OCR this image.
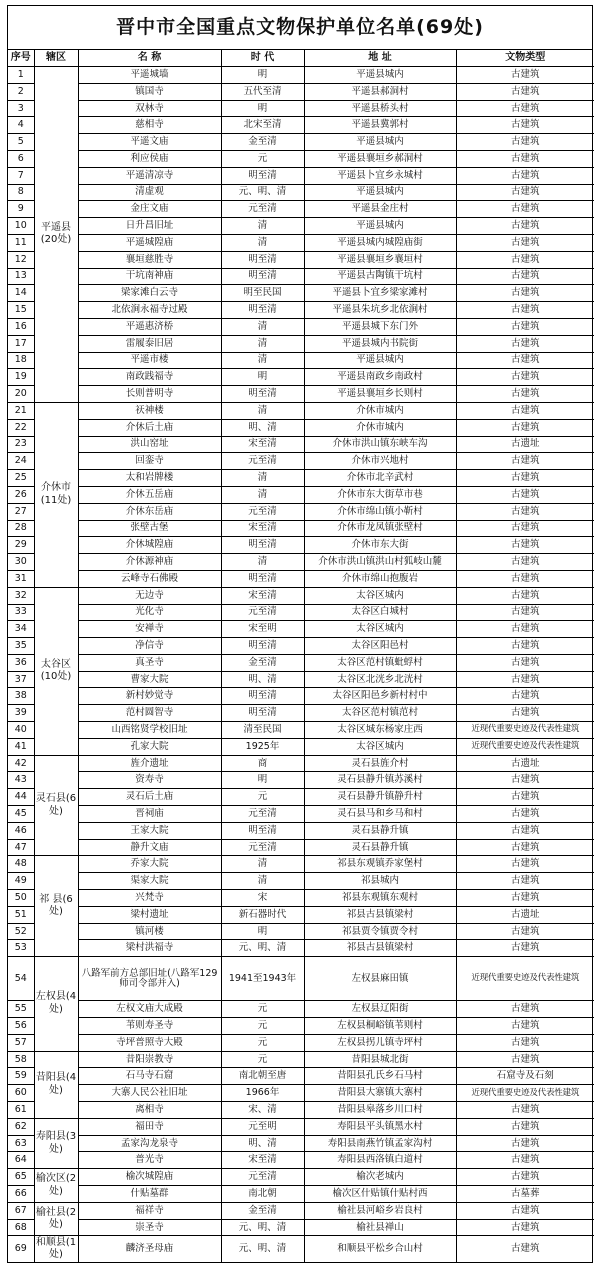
晋中市全国重点文物保护单位名单(69处)
序号	辖区	名 称	时 代	地 址	文物类型
1	平遥县(20处)	平遥城墙	明	平遥县城内	古建筑
2		镇国寺	五代至清	平遥县郝洞村	古建筑
3		双林寺	明	平遥县桥头村	古建筑
4		慈相寺	北宋至清	平遥县冀郭村	古建筑
5		平遥文庙	金至清	平遥县城内	古建筑
6		利应侯庙	元	平遥县襄垣乡郝洞村	古建筑
7		平遥清凉寺	明至清	平遥县卜宜乡永城村	古建筑
8		清虚观	元、明、清	平遥县城内	古建筑
9		金庄文庙	元至清	平遥县金庄村	古建筑
10		日升昌旧址	清	平遥县城内	古建筑
11		平遥城隍庙	清	平遥县城内城隍庙街	古建筑
12		襄垣慈胜寺	明至清	平遥县襄垣乡襄垣村	古建筑
13		干坑南神庙	明至清	平遥县古陶镇干坑村	古建筑
14		梁家滩白云寺	明至民国	平遥县卜宜乡梁家滩村	古建筑
15		北依涧永福寺过殿	明至清	平遥县朱坑乡北依涧村	古建筑
16		平遥惠济桥	清	平遥县城下东门外	古建筑
17		雷履泰旧居	清	平遥县城内书院街	古建筑
18		平遥市楼	清	平遥县城内	古建筑
19		南政践福寺	明	平遥县南政乡南政村	古建筑
20		长则普明寺	明至清	平遥县襄垣乡长则村	古建筑
21	介休市(11处)	祆神楼	清	介休市城内	古建筑
22		介休后土庙	明、清	介休市城内	古建筑
23		洪山窑址	宋至清	介休市洪山镇东峡车沟	古遗址
24		回銮寺	元至清	介休市兴地村	古建筑
25		太和岩牌楼	清	介休市北辛武村	古建筑
26		介休五岳庙	清	介休市东大街草市巷	古建筑
27		介休东岳庙	元至清	介休市绵山镇小靳村	古建筑
28		张壁古堡	宋至清	介休市龙凤镇张壁村	古建筑
29		介休城隍庙	明至清	介休市东大街	古建筑
30		介休源神庙	清	介休市洪山镇洪山村狐岐山麓	古建筑
31		云峰寺石佛殿	明至清	介休市绵山抱腹岩	古建筑
32	太谷区(10处)	无边寺	宋至清	太谷区城内	古建筑
33		光化寺	元至清	太谷区白城村	古建筑
34		安禅寺	宋至明	太谷区城内	古建筑
35		净信寺	明至清	太谷区阳邑村	古建筑
36		真圣寺	金至清	太谷区范村镇蚍蜉村	古建筑
37		曹家大院	明、清	太谷区北洸乡北洸村	古建筑
38		新村妙觉寺	明至清	太谷区阳邑乡新村村中	古建筑
39		范村圆智寺	明至清	太谷区范村镇范村	古建筑
40		山西铭贤学校旧址	清至民国	太谷区城东杨家庄西	近现代重要史迹及代表性建筑
41		孔家大院	1925年	太谷区城内	近现代重要史迹及代表性建筑
42	灵石县(6处)	旌介遗址	商	灵石县旌介村	古遗址
43		资寿寺	明	灵石县静升镇苏溪村	古建筑
44		灵石后土庙	元	灵石县静升镇静升村	古建筑
45		晋祠庙	元至清	灵石县马和乡马和村	古建筑
46		王家大院	明至清	灵石县静升镇	古建筑
47		静升文庙	元至清	灵石县静升镇	古建筑
48	祁 县(6处)	乔家大院	清	祁县东观镇乔家堡村	古建筑
49		渠家大院	清	祁县城内	古建筑
50		兴梵寺	宋	祁县东观镇东观村	古建筑
51		梁村遗址	新石器时代	祁县古县镇梁村	古遗址
52		镇河楼	明	祁县贾令镇贾令村	古建筑
53		梁村洪福寺	元、明、清	祁县古县镇梁村	古建筑
54	左权县(4处)	八路军前方总部旧址(八路军129师司令部并入)	1941至1943年	左权县麻田镇	近现代重要史迹及代表性建筑
55		左权文庙大成殿	元	左权县辽阳街	古建筑
56		苇则寿圣寺	元	左权县桐峪镇苇则村	古建筑
57		寺坪普照寺大殿	元	左权县拐儿镇寺坪村	古建筑
58	昔阳县(4处)	昔阳崇教寺	元	昔阳县城北街	古建筑
59		石马寺石窟	南北朝至唐	昔阳县孔氏乡石马村	石窟寺及石刻
60		大寨人民公社旧址	1966年	昔阳县大寨镇大寨村	近现代重要史迹及代表性建筑
61		离相寺	宋、清	昔阳县皋落乡川口村	古建筑
62	寿阳县(3处)	福田寺	元至明	寿阳县平头镇黑水村	古建筑
63		孟家沟龙泉寺	明、清	寿阳县南燕竹镇孟家沟村	古建筑
64		普光寺	宋至清	寿阳县西洛镇白道村	古建筑
65	榆次区(2处)	榆次城隍庙	元至清	榆次老城内	古建筑
66		什贴墓群	南北朝	榆次区什贴镇什贴村西	古墓葬
67	榆社县(2处)	福祥寺	金至清	榆社县河峪乡岩良村	古建筑
68		崇圣寺	元、明、清	榆社县禅山	古建筑
69	和顺县(1处)	麟济圣母庙	元、明、清	和顺县平松乡合山村	古建筑
